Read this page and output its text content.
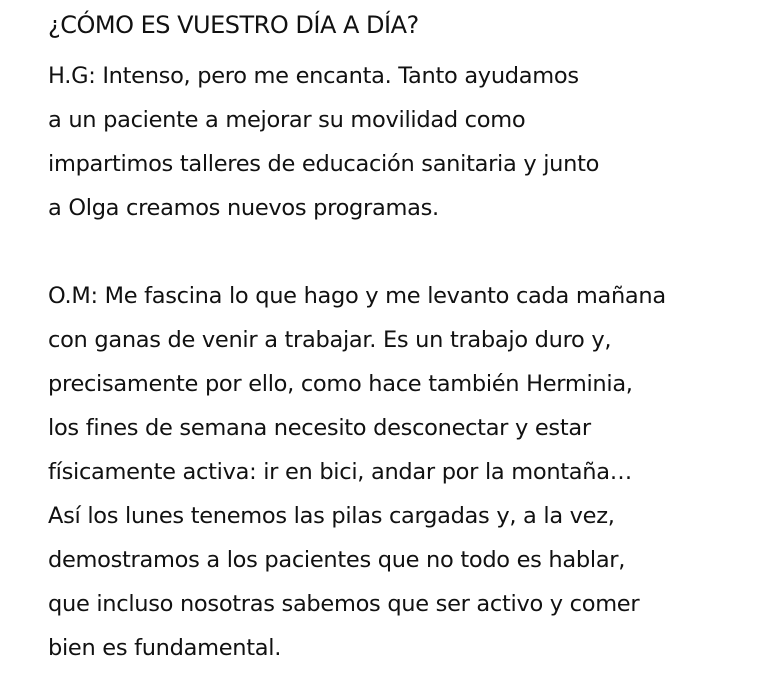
¿CÓMO ES VUESTRO DÍA A DÍA?
H.G: Intenso, pero me encanta. Tanto ayudamos
a un paciente a mejorar su movilidad como
impartimos talleres de educación sanitaria y junto
a Olga creamos nuevos programas.
O.M: Me fascina lo que hago y me levanto cada mañana
con ganas de venir a trabajar. Es un trabajo duro y,
precisamente por ello, como hace también Herminia,
los fines de semana necesito desconectar y estar
físicamente activa: ir en bici, andar por la montaña…
Así los lunes tenemos las pilas cargadas y, a la vez,
demostramos a los pacientes que no todo es hablar,
que incluso nosotras sabemos que ser activo y comer
bien es fundamental.
